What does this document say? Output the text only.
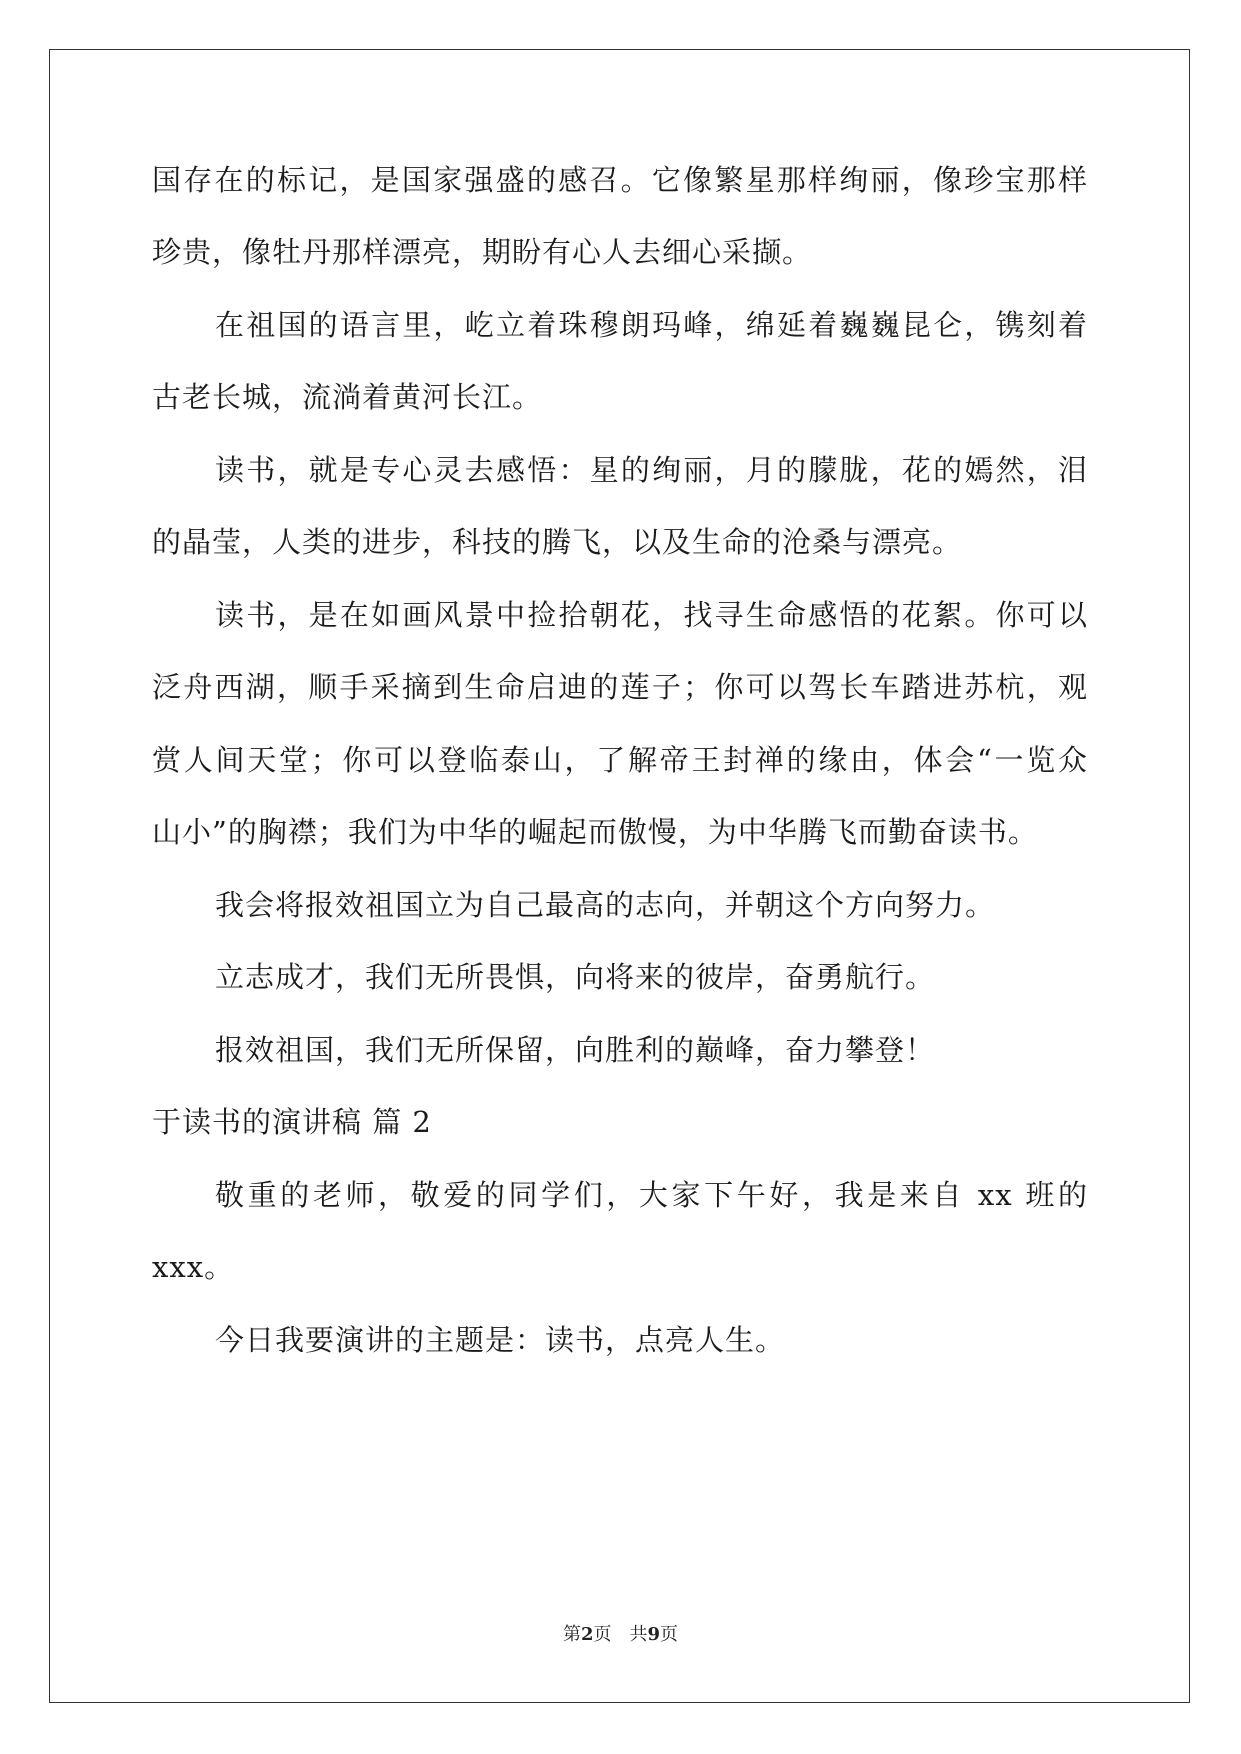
国存在的标记，是国家强盛的感召。它像繁星那样绚丽，像珍宝那样
珍贵，像牡丹那样漂亮，期盼有心人去细心采撷。
在祖国的语言里，屹立着珠穆朗玛峰，绵延着巍巍昆仑，镌刻着
古老长城，流淌着黄河长江。
读书，就是专心灵去感悟：星的绚丽，月的朦胧，花的嫣然，泪
的晶莹，人类的进步，科技的腾飞，以及生命的沧桑与漂亮。
读书，是在如画风景中捡拾朝花，找寻生命感悟的花絮。你可以
泛舟西湖，顺手采摘到生命启迪的莲子；你可以驾长车踏进苏杭，观
赏人间天堂；你可以登临泰山，了解帝王封禅的缘由，体会“一览众
山小”的胸襟；我们为中华的崛起而傲慢，为中华腾飞而勤奋读书。
我会将报效祖国立为自己最高的志向，并朝这个方向努力。
立志成才，我们无所畏惧，向将来的彼岸，奋勇航行。
报效祖国，我们无所保留，向胜利的巅峰，奋力攀登！
于读书的演讲稿 篇 2
敬重的老师，敬爱的同学们，大家下午好，我是来自 xx 班的
xxx。
今日我要演讲的主题是：读书，点亮人生。
第2页　共9页
